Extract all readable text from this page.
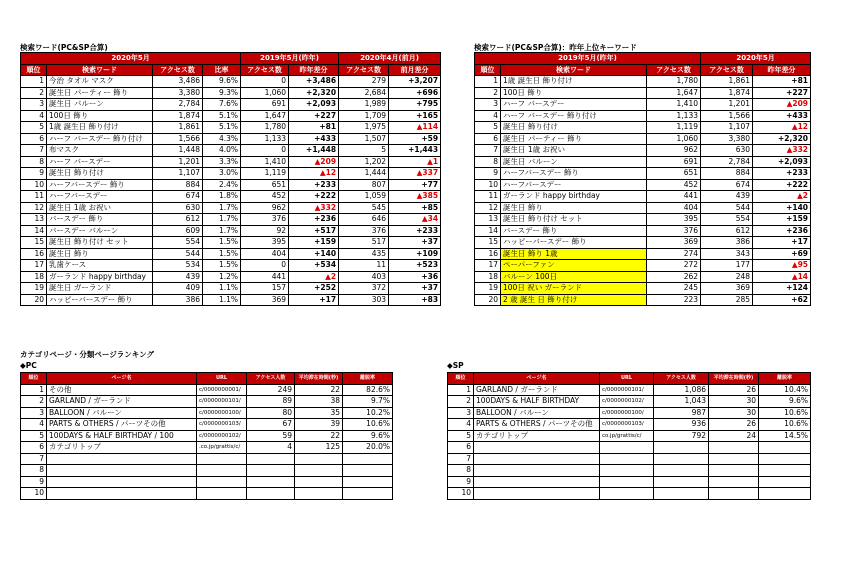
検索ワード(PC&SP合算)
2020年5月				2019年5月(昨年)		2020年4月(前月)	
順位	検索ワード	アクセス数	比率	アクセス数	昨年差分	アクセス数	前月差分
1	今治 タオル マスク	3,486	9.6%	0	+3,486	279	+3,207
2	誕生日 パーティー 飾り	3,380	9.3%	1,060	+2,320	2,684	+696
3	誕生日 バルーン	2,784	7.6%	691	+2,093	1,989	+795
4	100日 飾り	1,874	5.1%	1,647	+227	1,709	+165
5	1歳 誕生日 飾り付け	1,861	5.1%	1,780	+81	1,975	▲114
6	ハーフ バースデー 飾り付け	1,566	4.3%	1,133	+433	1,507	+59
7	布マスク	1,448	4.0%	0	+1,448	5	+1,443
8	ハーフ バースデー	1,201	3.3%	1,410	▲209	1,202	▲1
9	誕生日 飾り付け	1,107	3.0%	1,119	▲12	1,444	▲337
10	ハーフバースデー 飾り	884	2.4%	651	+233	807	+77
11	ハーフバースデー	674	1.8%	452	+222	1,059	▲385
12	誕生日 1歳 お祝い	630	1.7%	962	▲332	545	+85
13	バースデー 飾り	612	1.7%	376	+236	646	▲34
14	バースデー バルーン	609	1.7%	92	+517	376	+233
15	誕生日 飾り付け セット	554	1.5%	395	+159	517	+37
16	誕生日 飾り	544	1.5%	404	+140	435	+109
17	乳歯ケース	534	1.5%	0	+534	11	+523
18	ガーランド happy birthday	439	1.2%	441	▲2	403	+36
19	誕生日 ガーランド	409	1.1%	157	+252	372	+37
20	ハッピーバースデー 飾り	386	1.1%	369	+17	303	+83
検索ワード(PC&SP合算)：昨年上位キーワード
2019年5月(昨年)			2020年5月	
順位	検索ワード	アクセス数	アクセス数	昨年差分
1	1歳 誕生日 飾り付け	1,780	1,861	+81
2	100日 飾り	1,647	1,874	+227
3	ハーフ バースデー	1,410	1,201	▲209
4	ハーフ バースデー 飾り付け	1,133	1,566	+433
5	誕生日 飾り付け	1,119	1,107	▲12
6	誕生日 パーティー 飾り	1,060	3,380	+2,320
7	誕生日 1歳 お祝い	962	630	▲332
8	誕生日 バルーン	691	2,784	+2,093
9	ハーフバースデー 飾り	651	884	+233
10	ハーフバースデー	452	674	+222
11	ガーランド happy birthday	441	439	▲2
12	誕生日 飾り	404	544	+140
13	誕生日 飾り付け セット	395	554	+159
14	バースデー 飾り	376	612	+236
15	ハッピーバースデー 飾り	369	386	+17
16	誕生日 飾り 1歳	274	343	+69
17	ペーパーファン	272	177	▲95
18	バルーン 100日	262	248	▲14
19	100日 祝い ガーランド	245	369	+124
20	2 歳 誕生 日 飾り付け	223	285	+62
カテゴリページ・分類ページランキング
◆PC	◆SP
順位	ページ名	URL	アクセス人数	平均滞在時間(秒)	離脱率
1	その他	c/0000000001/	249	22	82.6%
2	GARLAND / ガーランド	c/0000000101/	89	38	9.7%
3	BALLOON / バルーン	c/0000000100/	80	35	10.2%
4	PARTS & OTHERS / パーツその他	c/0000000103/	67	39	10.6%
5	100DAYS & HALF BIRTHDAY / 100	c/0000000102/	59	22	9.6%
6	カテゴリトップ	.co.jp/grattis/c/	4	125	20.0%
7					
8					
9					
10					
順位	ページ名	URL	アクセス人数	平均滞在時間(秒)	離脱率
1	GARLAND / ガーランド	c/0000000101/	1,086	26	10.4%
2	100DAYS & HALF BIRTHDAY	c/0000000102/	1,043	30	9.6%
3	BALLOON / バルーン	c/0000000100/	987	30	10.6%
4	PARTS & OTHERS / パーツその他	c/0000000103/	936	26	10.6%
5	カテゴリトップ	co.jp/grattis/c/	792	24	14.5%
6					
7					
8					
9					
10					
